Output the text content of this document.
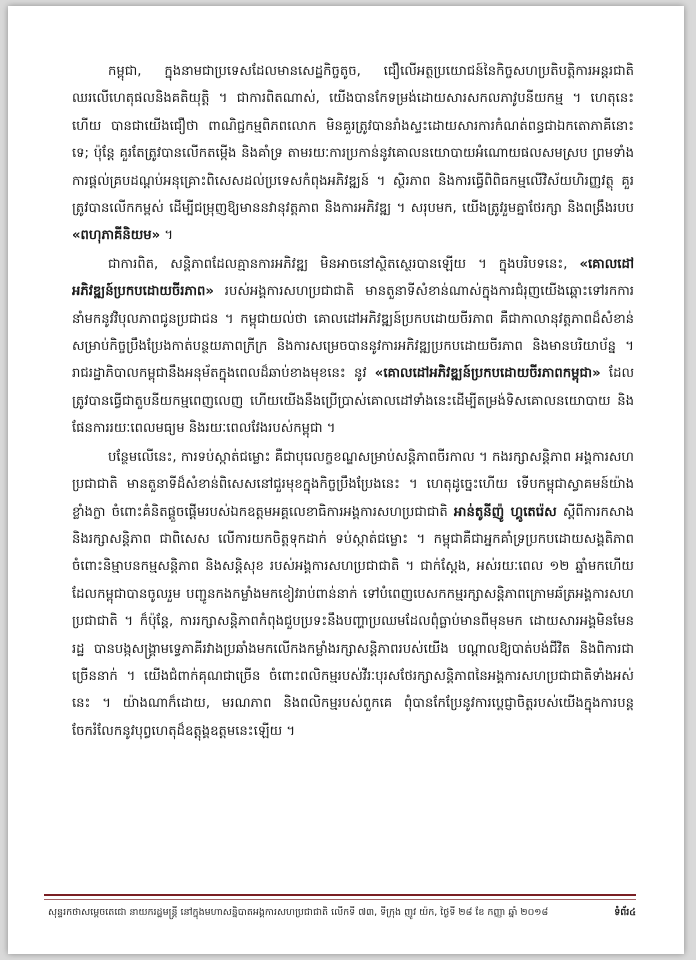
កម្ពុជា, ក្នុងនាមជាប្រទេសដែលមានសេដ្ឋកិច្ចតូច, ជឿលើអត្ថប្រយោជន៍នៃកិច្ចសហប្រតិបត្តិការអន្តរជាតិ ឈរលើហេតុផលនិងគតិយុត្តិ ។ ជាការពិតណាស់, យើងបានកែទម្រង់ដោយសារសកលភាវូបនីយកម្ម ។ ហេតុនេះហើយ បានជាយើងជឿថា ពាណិជ្ជកម្មពិភពលោក មិនគួរត្រូវបានរាំងស្ទះដោយសារការកំណត់ពន្ធជាឯកតោភាគីនោះទេ; ប៉ុន្តែ គួរតែត្រូវបានលើកតម្កើង និងគាំទ្រ តាមរយៈការប្រកាន់នូវគោលនយោបាយអំណោយផលសមស្រប ព្រមទាំង ការផ្តល់គ្របដណ្តប់អនុគ្រោះពិសេសដល់ប្រទេសកំពុងអភិវឌ្ឍន៍ ។ ស្ថិរភាព និងការធ្វើពិពិធកម្មលើវិស័យហិរញ្ញវត្ថុ គួរត្រូវបានលើកកម្ពស់ ដើម្បីជម្រុញឱ្យមាននវានុវត្តភាព និងការអភិវឌ្ឍ ។ សរុបមក, យើងត្រូវរួមគ្នាថែរក្សា និងពង្រឹងរបប «ពហុភាគីនិយម» ។

ជាការពិត, សន្តិភាពដែលគ្មានការអភិវឌ្ឍ មិនអាចនៅស្ថិតស្ថេរបានឡើយ ។ ក្នុងបរិបទនេះ, «គោលដៅអភិវឌ្ឍន៍ប្រកបដោយចីរភាព» របស់អង្គការសហប្រជាជាតិ មានតួនាទីសំខាន់ណាស់ក្នុងការជំរុញយើងឆ្ពោះទៅរកការនាំមកនូវវិបុលភាពជូនប្រជាជន ។ កម្ពុជាយល់ថា គោលដៅអភិវឌ្ឍន៍ប្រកបដោយចីរភាព គឺជាកាលានុវត្តភាពដ៏សំខាន់សម្រាប់កិច្ចប្រឹងប្រែងកាត់បន្ថយភាពក្រីក្រ និងការសម្រេចបាននូវការអភិវឌ្ឍប្រកបដោយចីរភាព និងមានបរិយាប័ន្ន ។ រាជរដ្ឋាភិបាលកម្ពុជានឹងអនុម័តក្នុងពេលដ៏ឆាប់ខាងមុខនេះ នូវ «គោលដៅអភិវឌ្ឍន៍ប្រកបដោយចីរភាពកម្ពុជា» ដែលត្រូវបានធ្វើជាតួបនីយកម្មពេញលេញ ហើយយើងនឹងប្រើប្រាស់គោលដៅទាំងនេះដើម្បីតម្រង់ទិសគោលនយោបាយ និងផែនការរយៈពេលមធ្យម និងរយៈពេលវែងរបស់កម្ពុជា ។

បន្ថែមលើនេះ, ការទប់ស្កាត់ជម្លោះ គឺជាបុរេលក្ខខណ្ឌសម្រាប់សន្តិភាពចីរកាល ។ កងរក្សាសន្តិភាព អង្គការសហប្រជាជាតិ មានតួនាទីដ៏សំខាន់ពិសេសនៅជួរមុខក្នុងកិច្ចប្រឹងប្រែងនេះ ។ ហេតុដូច្នេះហើយ ទើបកម្ពុជាស្វាគមន៍យ៉ាងខ្លាំងក្លា ចំពោះគំនិតផ្តួចផ្តើមរបស់ឯកឧត្តមអគ្គលេខាធិការអង្គការសហប្រជាជាតិ អាន់តូនីញ៉ូ ហ្គូតេរ៉េស ស្តីពីការកសាង និងរក្សាសន្តិភាព ជាពិសេស លើការយកចិត្តទុកដាក់ ទប់ស្កាត់ជម្លោះ ។ កម្ពុជាគឺជាអ្នកគាំទ្រប្រកបដោយសង្គតិភាពចំពោះនិម្មាបនកម្មសន្តិភាព និងសន្តិសុខ របស់អង្គការសហប្រជាជាតិ ។ ជាក់ស្តែង, អស់រយៈពេល ១២ ឆ្នាំមកហើយ ដែលកម្ពុជាបានចូលរួម បញ្ជូនកងកម្លាំងមកខៀវរាប់ពាន់នាក់ ទៅបំពេញបេសកកម្មរក្សាសន្តិភាពក្រោមឆ័ត្រអង្គការសហប្រជាជាតិ ។ ក៏ប៉ុន្តែ, ការរក្សាសន្តិភាពកំពុងជួបប្រទះនឹងបញ្ហាប្រឈមដែលពុំធ្លាប់មានពីមុនមក ដោយសារអង្គមិនមែនរដ្ឋ បានបង្កសង្គ្រាមទ្វេភាគីរវាងប្រឆាំងមកលើកងកម្លាំងរក្សាសន្តិភាពរបស់យើង បណ្តាលឱ្យបាត់បង់ជីវិត និងពិការជាច្រើននាក់ ។ យើងជំពាក់គុណជាច្រើន ចំពោះពលិកម្មរបស់វីរៈបុរសថែរក្សាសន្តិភាពនៃអង្គការសហប្រជាជាតិទាំងអស់នេះ ។ យ៉ាងណាក៏ដោយ, មរណភាព និងពលិកម្មរបស់ពួកគេ ពុំបានកែប្រែនូវការប្តេជ្ញាចិត្តរបស់យើងក្នុងការបន្តចែករំលែកនូវបុព្វហេតុដ៏ឧត្តុង្គឧត្តមនេះឡើយ ។

សុន្ទរកថាសម្តេចតេជោ នាយករដ្ឋមន្ត្រី នៅក្នុងមហាសន្និបាតអង្គការសហប្រជាជាតិ លើកទី ៧៣, ទីក្រុង ញូវ យ៉ក, ថ្ងៃទី ២៨ ខែ កញ្ញា ឆ្នាំ ២០១៨	ទំព័រ៤
